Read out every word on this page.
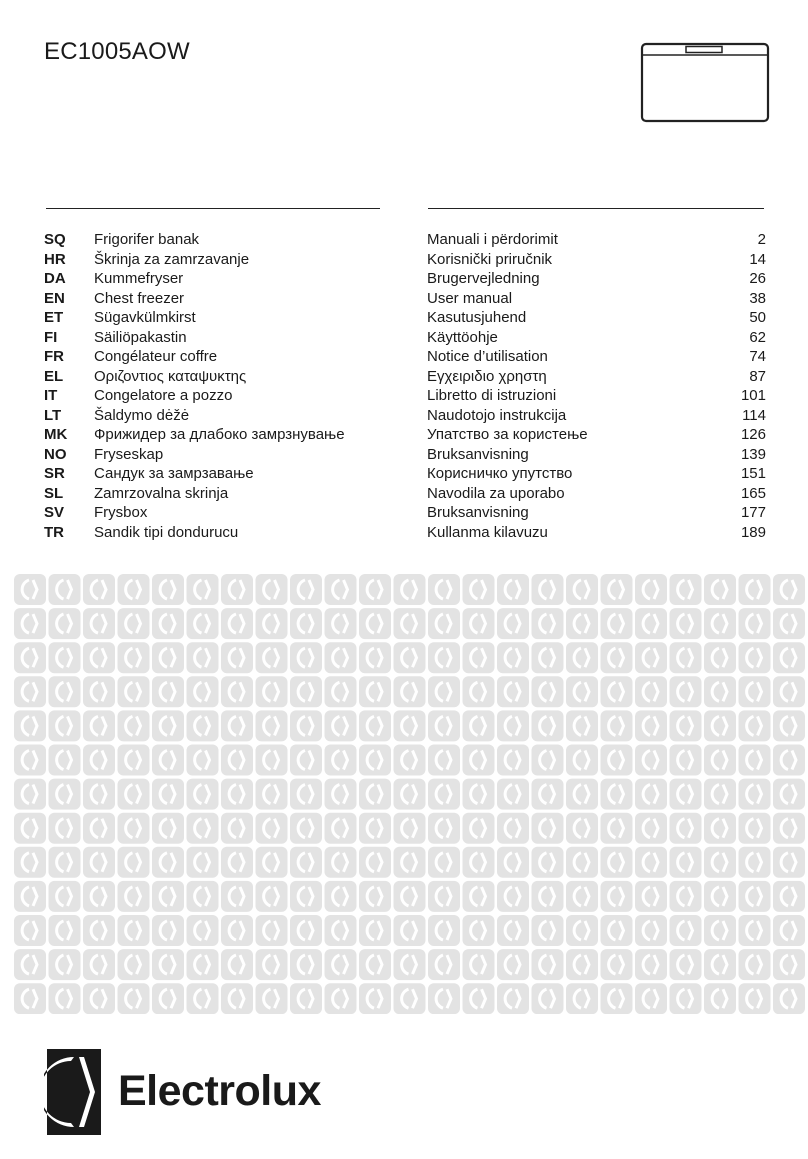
EC1005AOW
SQ Frigorifer banak	Manuali i përdorimit	2
HR Škrinja za zamrzavanje	Korisnički priručnik	14
DA Kummefryser	Brugervejledning	26
EN Chest freezer	User manual	38
ET Sügavkülmkirst	Kasutusjuhend	50
FI Säiliöpakastin	Käyttöohje	62
FR Congélateur coffre	Notice d’utilisation	74
EL Οριζοντιος καταψυκτης	Εγχειριδιο χρηστη	87
IT Congelatore a pozzo	Libretto di istruzioni	101
LT Šaldymo dėžė	Naudotojo instrukcija	114
MK Фрижидер за длабоко замрзнување	Упатство за користење	126
NO Fryseskap	Bruksanvisning	139
SR Сандук за замрзавање	Корисничко упутство	151
SL Zamrzovalna skrinja	Navodila za uporabo	165
SV Frysbox	Bruksanvisning	177
TR Sandik tipi dondurucu	Kullanma kilavuzu	189
Electrolux
